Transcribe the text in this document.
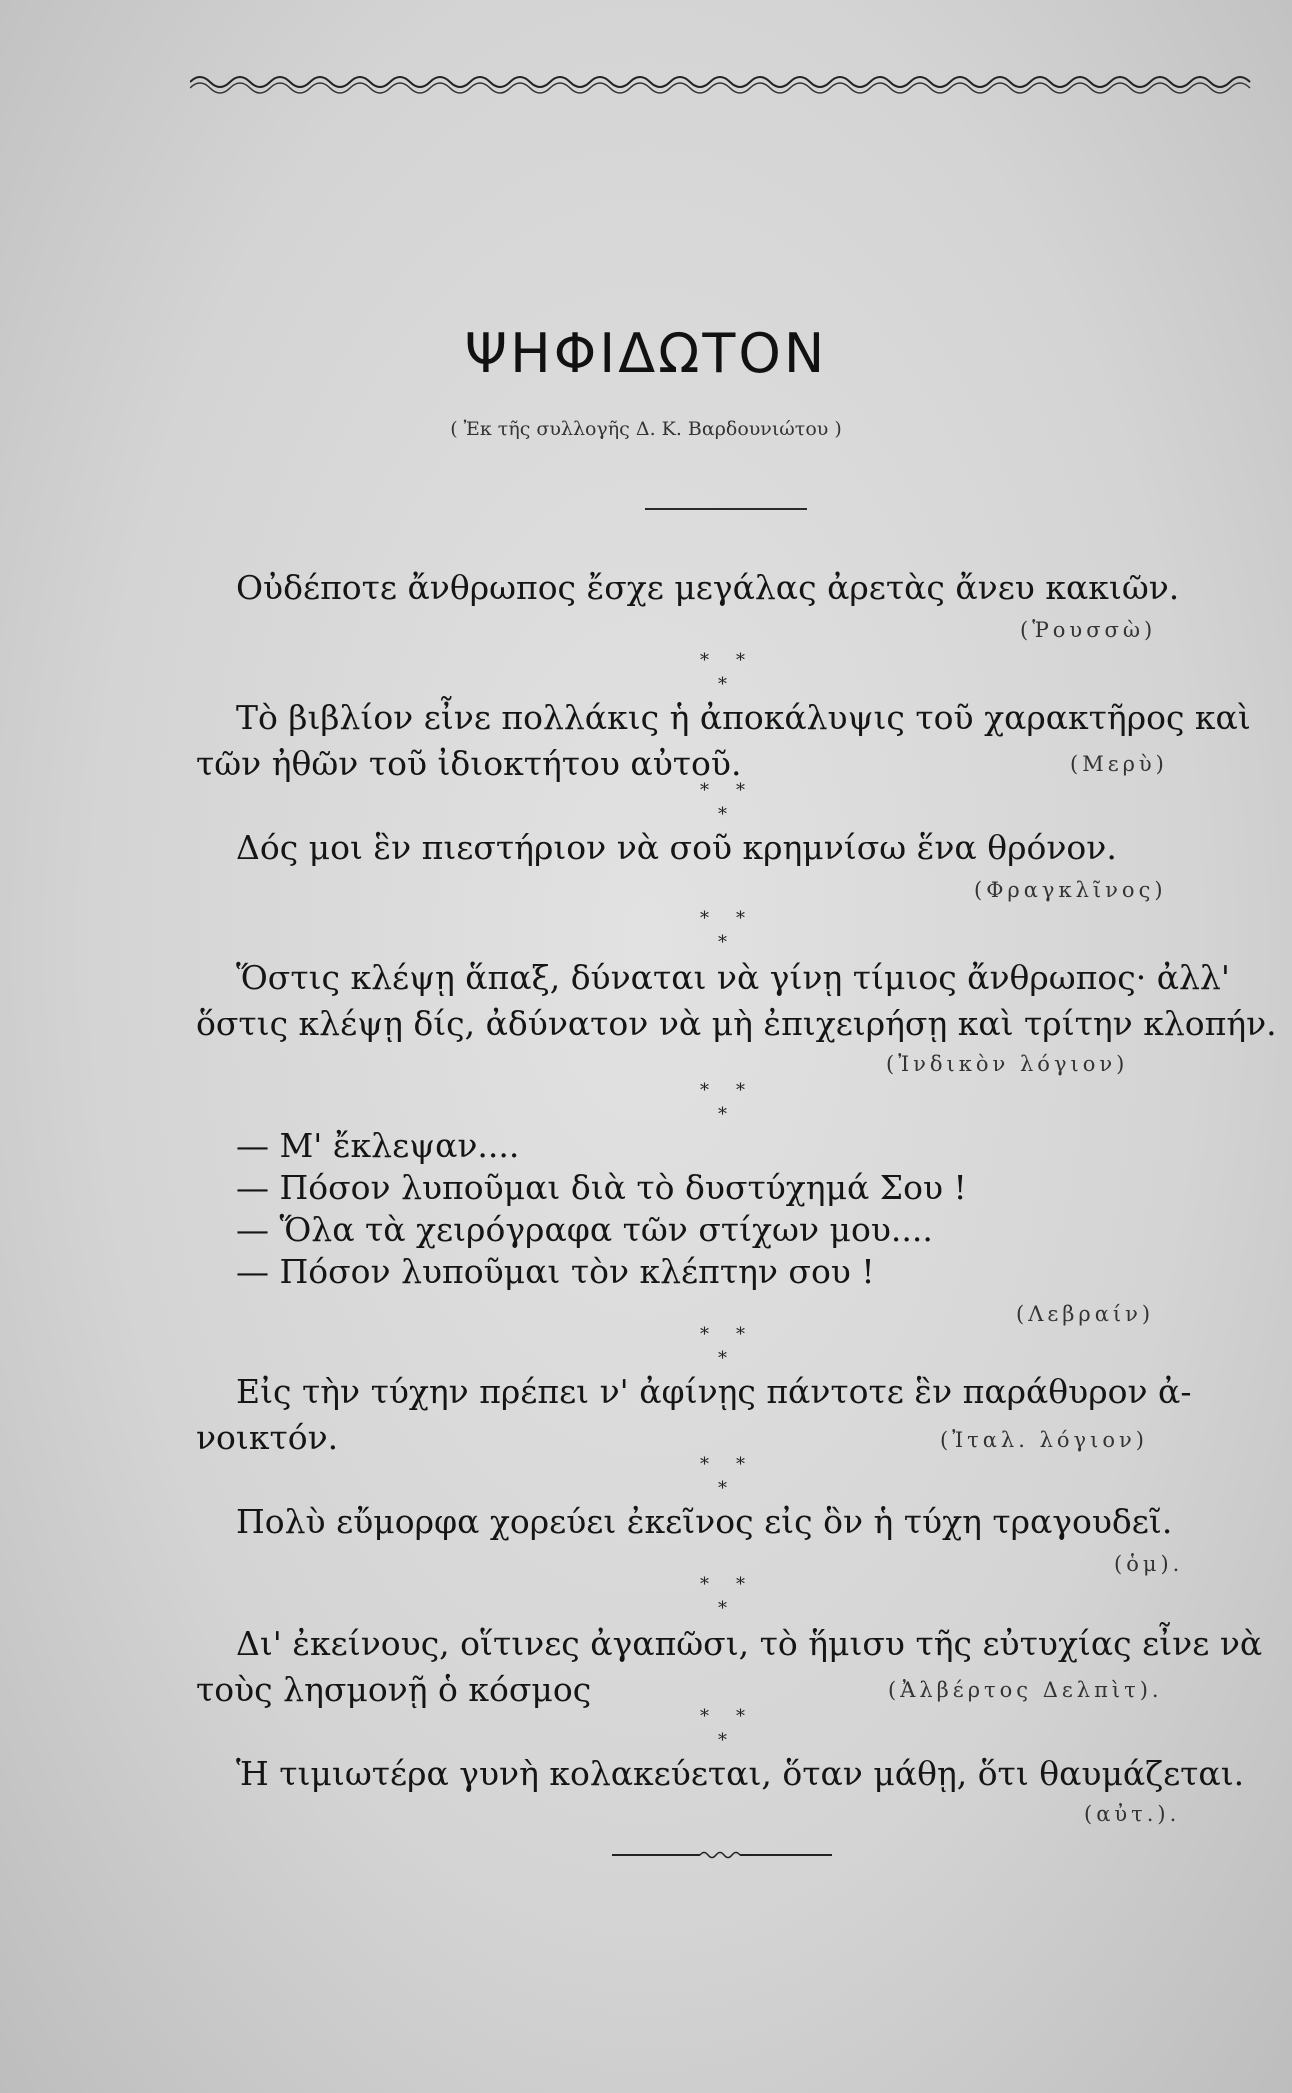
ΨΗΦΙΔΩΤΟΝ
( Ἐκ τῆς συλλογῆς Δ. Κ. Βαρδουνιώτου )
Οὐδέποτε ἄνθρωπος ἔσχε μεγάλας ἀρετὰς ἄνευ κακιῶν.
(Ῥουσσὼ)
* *
*
Τὸ βιβλίον εἶνε πολλάκις ἡ ἀποκάλυψις τοῦ χαρακτῆρος καὶ
τῶν ἠθῶν τοῦ ἰδιοκτήτου αὐτοῦ.	(Μερὺ)
* *
*
Δός μοι ἓν πιεστήριον νὰ σοῦ κρημνίσω ἕνα θρόνον.
(Φραγκλῖνος)
* *
*
Ὅστις κλέψῃ ἅπαξ, δύναται νὰ γίνῃ τίμιος ἄνθρωπος· ἀλλ'
ὅστις κλέψῃ δίς, ἀδύνατον νὰ μὴ ἐπιχειρήσῃ καὶ τρίτην κλοπήν.
(Ἰνδικὸν λόγιον)
* *
*
— Μ' ἔκλεψαν....
— Πόσον λυποῦμαι διὰ τὸ δυστύχημά Σου !
— Ὅλα τὰ χειρόγραφα τῶν στίχων μου....
— Πόσον λυποῦμαι τὸν κλέπτην σου !
(Λεβραίν)
* *
*
Εἰς τὴν τύχην πρέπει ν' ἀφίνῃς πάντοτε ἓν παράθυρον ἀ-
νοικτόν.	(Ἰταλ. λόγιον)
* *
*
Πολὺ εὔμορφα χορεύει ἐκεῖνος εἰς ὃν ἡ τύχη τραγουδεῖ.
(ὁμ).
* *
*
Δι' ἐκείνους, οἵτινες ἀγαπῶσι, τὸ ἥμισυ τῆς εὐτυχίας εἶνε νὰ
τοὺς λησμονῇ ὁ κόσμος	(Ἀλβέρτος Δελπὶτ).
* *
*
Ἡ τιμιωτέρα γυνὴ κολακεύεται, ὅταν μάθῃ, ὅτι θαυμάζεται.
(αὐτ.).
